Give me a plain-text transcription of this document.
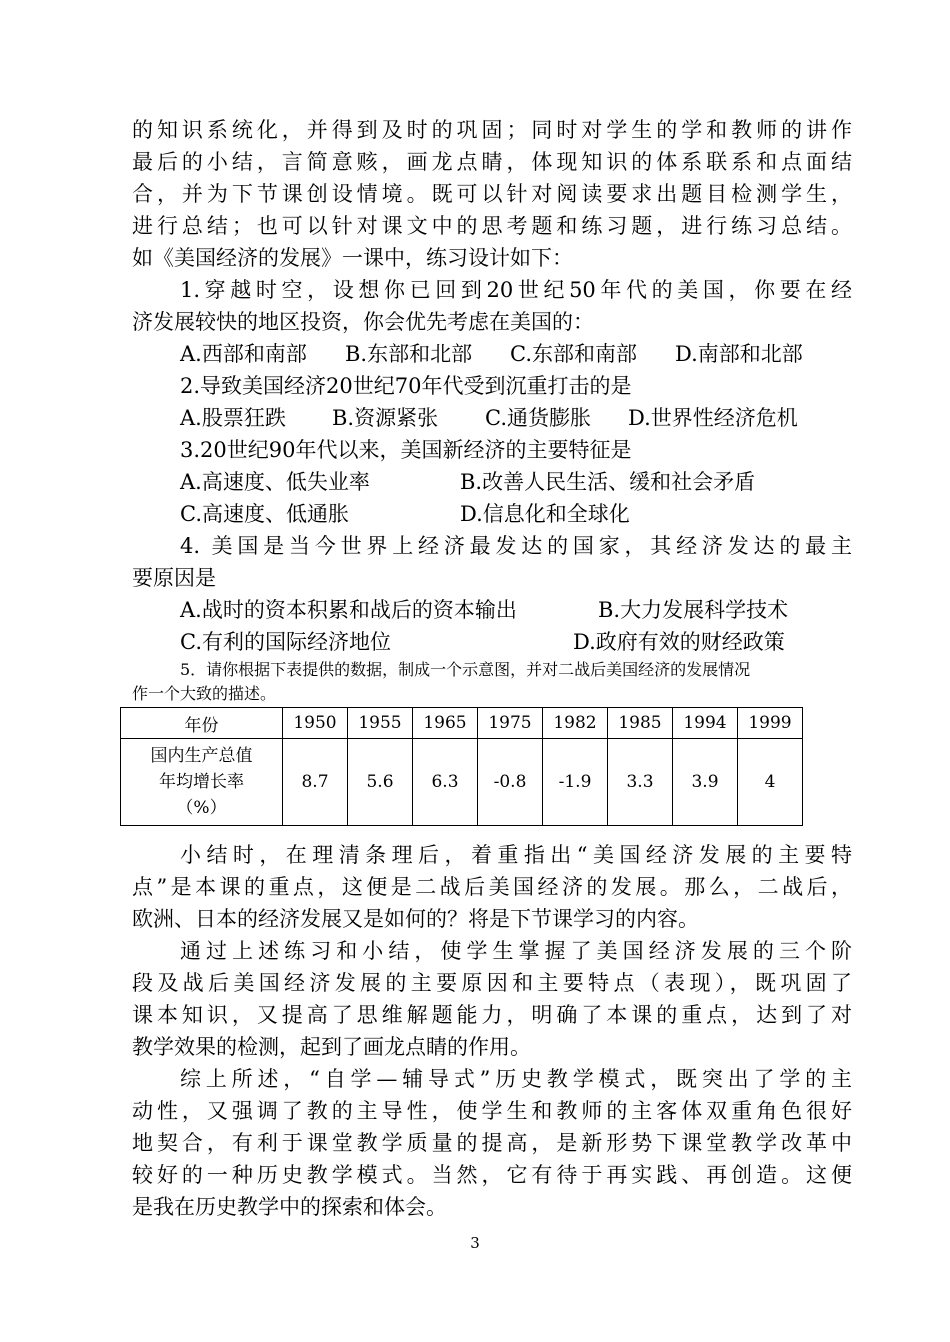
的知识系统化，并得到及时的巩固；同时对学生的学和教师的讲作
最后的小结，言简意赅，画龙点睛，体现知识的体系联系和点面结
合，并为下节课创设情境。既可以针对阅读要求出题目检测学生，
进行总结；也可以针对课文中的思考题和练习题，进行练习总结。
如《美国经济的发展》一课中，练习设计如下：
1.穿越时空，设想你已回到20世纪50年代的美国，你要在经
济发展较快的地区投资，你会优先考虑在美国的：
A.西部和南部 B.东部和北部 C.东部和南部 D.南部和北部
2.导致美国经济20世纪70年代受到沉重打击的是
A.股票狂跌 B.资源紧张 C.通货膨胀 D.世界性经济危机
3.20世纪90年代以来，美国新经济的主要特征是
A.高速度、低失业率	B.改善人民生活、缓和社会矛盾
C.高速度、低通胀	D.信息化和全球化
4. 美国是当今世界上经济最发达的国家，其经济发达的最主
要原因是
A.战时的资本积累和战后的资本输出	B.大力发展科学技术
C.有利的国际经济地位	D.政府有效的财经政策
5．请你根据下表提供的数据，制成一个示意图，并对二战后美国经济的发展情况
作一个大致的描述。
年份	1950	1955	1965	1975	1982	1985	1994	1999

国内生产总值
年均增长率
（%）	8.7	5.6	6.3	-0.8	-1.9	3.3	3.9	4
小结时，在理清条理后，着重指出“美国经济发展的主要特
点”是本课的重点，这便是二战后美国经济的发展。那么，二战后，
欧洲、日本的经济发展又是如何的？将是下节课学习的内容。
通过上述练习和小结，使学生掌握了美国经济发展的三个阶
段及战后美国经济发展的主要原因和主要特点（表现），既巩固了
课本知识，又提高了思维解题能力，明确了本课的重点，达到了对
教学效果的检测，起到了画龙点睛的作用。
综上所述，“自学—辅导式”历史教学模式，既突出了学的主
动性，又强调了教的主导性，使学生和教师的主客体双重角色很好
地契合，有利于课堂教学质量的提高，是新形势下课堂教学改革中
较好的一种历史教学模式。当然，它有待于再实践、再创造。这便
是我在历史教学中的探索和体会。
3
